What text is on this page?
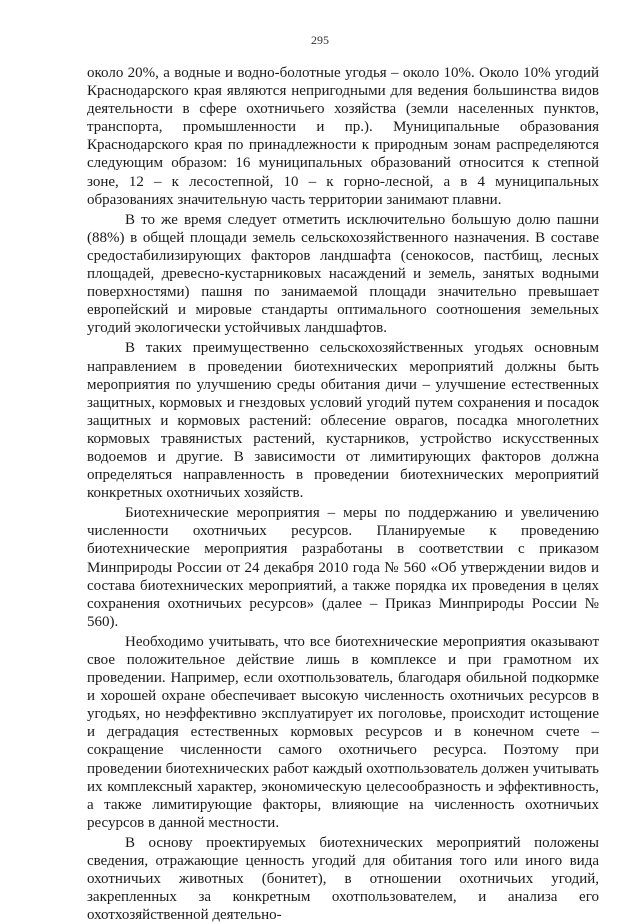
295

около 20%, а водные и водно-болотные угодья – около 10%. Около 10% угодий Краснодарского края являются непригодными для ведения большинства видов деятельности в сфере охотничьего хозяйства (земли населенных пунктов, транспорта, промышленности и пр.). Муниципальные образования Краснодарского края по принадлежности к природным зонам распределяются следующим образом: 16 муниципальных образований относится к степной зоне, 12 – к лесостепной, 10 – к горно-лесной, а в 4 муниципальных образованиях значительную часть территории занимают плавни.

В то же время следует отметить исключительно большую долю пашни (88%) в общей площади земель сельскохозяйственного назначения. В составе средостабилизирующих факторов ландшафта (сенокосов, пастбищ, лесных площадей, древесно-кустарниковых насаждений и земель, занятых водными поверхностями) пашня по занимаемой площади значительно превышает европейский и мировые стандарты оптимального соотношения земельных угодий экологически устойчивых ландшафтов.

В таких преимущественно сельскохозяйственных угодьях основным направлением в проведении биотехнических мероприятий должны быть мероприятия по улучшению среды обитания дичи – улучшение естественных защитных, кормовых и гнездовых условий угодий путем сохранения и посадок защитных и кормовых растений: облесение оврагов, посадка многолетних кормовых травянистых растений, кустарников, устройство искусственных водоемов и другие. В зависимости от лимитирующих факторов должна определяться направленность в проведении биотехнических мероприятий конкретных охотничьих хозяйств.

Биотехнические мероприятия – меры по поддержанию и увеличению численности охотничьих ресурсов. Планируемые к проведению биотехнические мероприятия разработаны в соответствии с приказом Минприроды России от 24 декабря 2010 года № 560 «Об утверждении видов и состава биотехнических мероприятий, а также порядка их проведения в целях сохранения охотничьих ресурсов» (далее – Приказ Минприроды России № 560).

Необходимо учитывать, что все биотехнические мероприятия оказывают свое положительное действие лишь в комплексе и при грамотном их проведении. Например, если охотпользователь, благодаря обильной подкормке и хорошей охране обеспечивает высокую численность охотничьих ресурсов в угодьях, но неэффективно эксплуатирует их поголовье, происходит истощение и деградация естественных кормовых ресурсов и в конечном счете – сокращение численности самого охотничьего ресурса. Поэтому при проведении биотехнических работ каждый охотпользователь должен учитывать их комплексный характер, экономическую целесообразность и эффективность, а также лимитирующие факторы, влияющие на численность охотничьих ресурсов в данной местности.

В основу проектируемых биотехнических мероприятий положены сведения, отражающие ценность угодий для обитания того или иного вида охотничьих животных (бонитет), в отношении охотничьих угодий, закрепленных за конкретным охотпользователем, и анализа его охотхозяйственной деятельно-
